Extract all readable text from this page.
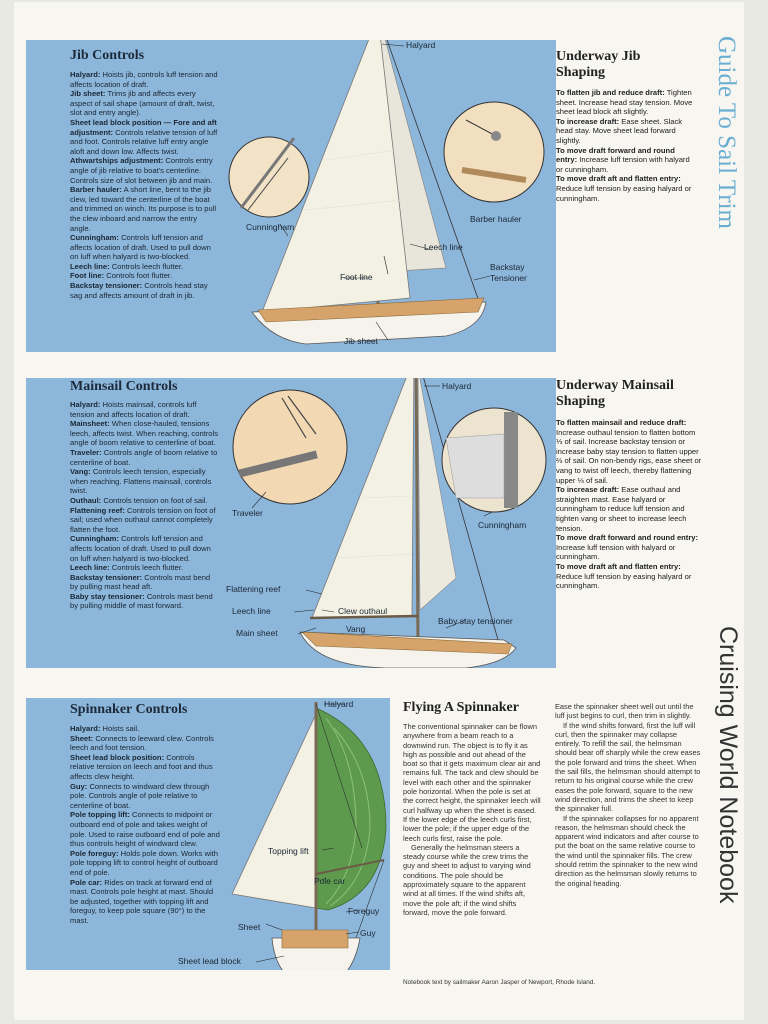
Jib Controls
Halyard: Hoists jib, controls luff tension and affects location of draft.
Jib sheet: Trims jib and affects every aspect of sail shape (amount of draft, twist, slot and entry angle).
Sheet lead block position — Fore and aft adjustment: Controls relative tension of luff and foot. Controls relative luff entry angle aloft and down low. Affects twist.
Athwartships adjustment: Controls entry angle of jib relative to boat's centerline. Controls size of slot between jib and main.
Barber hauler: A short line, bent to the jib clew, led toward the centerline of the boat and trimmed on winch. Its purpose is to pull the clew inboard and narrow the entry angle.
Cunningham: Controls luff tension and affects location of draft. Used to pull down on luff when halyard is two-blocked.
Leech line: Controls leech flutter.
Foot line: Controls foot flutter.
Backstay tensioner: Controls head stay sag and affects amount of draft in jib.
Halyard
Cunningham
Barber hauler
Leech line
Foot line
Backstay
Tensioner
Jib sheet
Underway Jib Shaping
To flatten jib and reduce draft: Tighten sheet. Increase head stay tension. Move sheet lead block aft slightly.
To increase draft: Ease sheet. Slack head stay. Move sheet lead forward slightly.
To move draft forward and round entry: Increase luff tension with halyard or cunningham.
To move draft aft and flatten entry: Reduce luff tension by easing halyard or cunningham.
Mainsail Controls
Halyard: Hoists mainsail, controls luff tension and affects location of draft.
Mainsheet: When close-hauled, tensions leech, affects twist. When reaching, controls angle of boom relative to centerline of boat.
Traveler: Controls angle of boom relative to centerline of boat.
Vang: Controls leech tension, especially when reaching. Flattens mainsail, controls twist.
Outhaul: Controls tension on foot of sail.
Flattening reef: Controls tension on foot of sail; used when outhaul cannot completely flatten the foot.
Cunningham: Controls luff tension and affects location of draft. Used to pull down on luff when halyard is two-blocked.
Leech line: Controls leech flutter.
Backstay tensioner: Controls mast bend by pulling mast head aft.
Baby stay tensioner: Controls mast bend by pulling middle of mast forward.
Halyard
Traveler
Cunningham
Flattening reef
Leech line	Clew outhaul
Main sheet	Vang
Baby stay tensioner
Underway Mainsail Shaping
To flatten mainsail and reduce draft: Increase outhaul tension to flatten bottom ⅓ of sail. Increase backstay tension or increase baby stay tension to flatten upper ⅔ of sail. On non-bendy rigs, ease sheet or vang to twist off leech, thereby flattening upper ⅓ of sail.
To increase draft: Ease outhaul and straighten mast. Ease halyard or cunningham to reduce luff tension and tighten vang or sheet to increase leech tension.
To move draft forward and round entry: Increase luff tension with halyard or cunningham.
To move draft aft and flatten entry: Reduce luff tension by easing halyard or cunningham.
Spinnaker Controls
Halyard: Hoists sail.
Sheet: Connects to leeward clew. Controls leech and foot tension.
Sheet lead block position: Controls relative tension on leech and foot and thus affects clew height.
Guy: Connects to windward clew through pole. Controls angle of pole relative to centerline of boat.
Pole topping lift: Connects to midpoint or outboard end of pole and takes weight of pole. Used to raise outboard end of pole and thus controls height of windward clew.
Pole foreguy: Holds pole down. Works with pole topping lift to control height of outboard end of pole.
Pole car: Rides on track at forward end of mast. Controls pole height at mast. Should be adjusted, together with topping lift and foreguy, to keep pole square (90°) to the mast.
Halyard
Topping lift
Pole car
Foreguy
Guy
Sheet
Sheet lead block
Flying A Spinnaker

The conventional spinnaker can be flown anywhere from a beam reach to a downwind run. The object is to fly it as high as possible and out ahead of the boat so that it gets maximum clear air and remains full. The tack and clew should be level with each other and the spinnaker pole horizontal. When the pole is set at the correct height, the spinnaker leech will curl halfway up when the sheet is eased. If the lower edge of the leech curls first, lower the pole; if the upper edge of the leech curls first, raise the pole.

Generally the helmsman steers a steady course while the crew trims the guy and sheet to adjust to varying wind conditions. The pole should be approximately square to the apparent wind at all times. If the wind shifts aft, move the pole aft; if the wind shifts forward, move the pole forward.

Ease the spinnaker sheet well out until the luff just begins to curl, then trim in slightly.

If the wind shifts forward, first the luff will curl, then the spinnaker may collapse entirely. To refill the sail, the helmsman should bear off sharply while the crew eases the pole forward and trims the sheet. When the sail fills, the helmsman should attempt to return to his original course while the crew eases the pole forward, square to the new wind direction, and trims the sheet to keep the spinnaker full.

If the spinnaker collapses for no apparent reason, the helmsman should check the apparent wind indicators and after course to put the boat on the same relative course to the wind until the spinnaker fills. The crew should retrim the spinnaker to the new wind direction as the helmsman slowly returns to the original heading.

Notebook text by sailmaker Aaron Jasper of Newport, Rhode Island.
Guide To Sail Trim
Cruising World Notebook
